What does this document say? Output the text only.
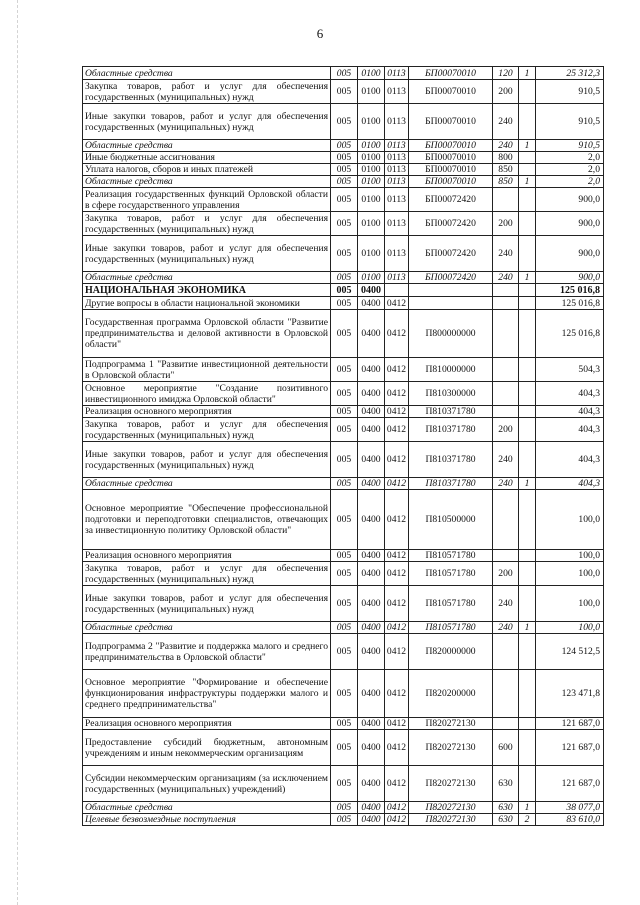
6
Областные средства	005	0100	0113	БП00070010	120	1	25 312,3
Закупка товаров, работ и услуг для обеспечения государственных (муниципальных) нужд	005	0100	0113	БП00070010	200		910,5
Иные закупки товаров, работ и услуг для обеспечения государственных (муниципальных) нужд	005	0100	0113	БП00070010	240		910,5
Областные средства	005	0100	0113	БП00070010	240	1	910,5
Иные бюджетные ассигнования	005	0100	0113	БП00070010	800		2,0
Уплата налогов, сборов и иных платежей	005	0100	0113	БП00070010	850		2,0
Областные средства	005	0100	0113	БП00070010	850	1	2,0
Реализация государственных функций Орловской области в сфере государственного управления	005	0100	0113	БП00072420			900,0
Закупка товаров, работ и услуг для обеспечения государственных (муниципальных) нужд	005	0100	0113	БП00072420	200		900,0
Иные закупки товаров, работ и услуг для обеспечения государственных (муниципальных) нужд	005	0100	0113	БП00072420	240		900,0
Областные средства	005	0100	0113	БП00072420	240	1	900,0
НАЦИОНАЛЬНАЯ ЭКОНОМИКА	005	0400					125 016,8
Другие вопросы в области национальной экономики	005	0400	0412				125 016,8
Государственная программа Орловской области "Развитие предпринимательства и деловой активности в Орловской области"	005	0400	0412	П800000000			125 016,8
Подпрограмма 1 "Развитие инвестиционной деятельности в Орловской области"	005	0400	0412	П810000000			504,3
Основное мероприятие "Создание позитивного инвестиционного имиджа Орловской области"	005	0400	0412	П810300000			404,3
Реализация основного мероприятия	005	0400	0412	П810371780			404,3
Закупка товаров, работ и услуг для обеспечения государственных (муниципальных) нужд	005	0400	0412	П810371780	200		404,3
Иные закупки товаров, работ и услуг для обеспечения государственных (муниципальных) нужд	005	0400	0412	П810371780	240		404,3
Областные средства	005	0400	0412	П810371780	240	1	404,3
Основное мероприятие "Обеспечение профессиональной подготовки и переподготовки специалистов, отвечающих за инвестиционную политику Орловской области"	005	0400	0412	П810500000			100,0
Реализация основного мероприятия	005	0400	0412	П810571780			100,0
Закупка товаров, работ и услуг для обеспечения государственных (муниципальных) нужд	005	0400	0412	П810571780	200		100,0
Иные закупки товаров, работ и услуг для обеспечения государственных (муниципальных) нужд	005	0400	0412	П810571780	240		100,0
Областные средства	005	0400	0412	П810571780	240	1	100,0
Подпрограмма 2 "Развитие и поддержка малого и среднего предпринимательства в Орловской области"	005	0400	0412	П820000000			124 512,5
Основное мероприятие "Формирование и обеспечение функционирования инфраструктуры поддержки малого и среднего предпринимательства"	005	0400	0412	П820200000			123 471,8
Реализация основного мероприятия	005	0400	0412	П820272130			121 687,0
Предоставление субсидий бюджетным, автономным учреждениям и иным некоммерческим организациям	005	0400	0412	П820272130	600		121 687,0
Субсидии некоммерческим организациям (за исключением государственных (муниципальных) учреждений)	005	0400	0412	П820272130	630		121 687,0
Областные средства	005	0400	0412	П820272130	630	1	38 077,0
Целевые безвозмездные поступления	005	0400	0412	П820272130	630	2	83 610,0
